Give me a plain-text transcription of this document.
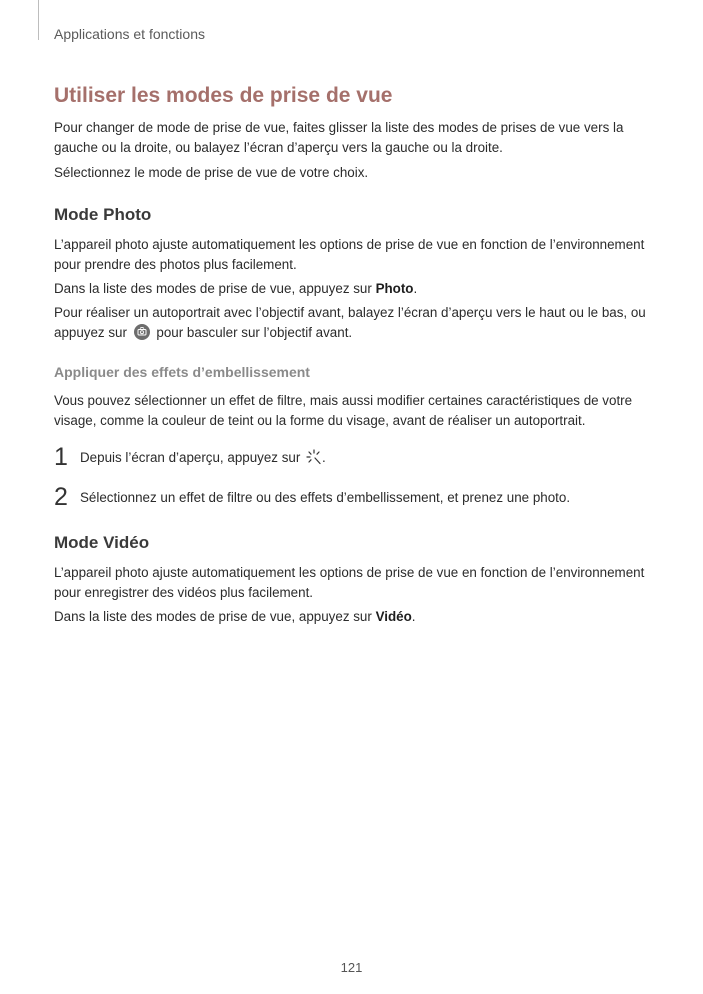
Applications et fonctions
Utiliser les modes de prise de vue

Pour changer de mode de prise de vue, faites glisser la liste des modes de prises de vue vers la gauche ou la droite, ou balayez l’écran d’aperçu vers la gauche ou la droite.

Sélectionnez le mode de prise de vue de votre choix.

Mode Photo

L’appareil photo ajuste automatiquement les options de prise de vue en fonction de l’environnement pour prendre des photos plus facilement.

Dans la liste des modes de prise de vue, appuyez sur Photo.

Pour réaliser un autoportrait avec l’objectif avant, balayez l’écran d’aperçu vers le haut ou le bas, ou appuyez sur
pour basculer sur l’objectif avant.

Appliquer des effets d’embellissement

Vous pouvez sélectionner un effet de filtre, mais aussi modifier certaines caractéristiques de votre visage, comme la couleur de teint ou la forme du visage, avant de réaliser un autoportrait.

1 Depuis l’écran d’aperçu, appuyez sur .
2 Sélectionnez un effet de filtre ou des effets d’embellissement, et prenez une photo.
Mode Vidéo

L’appareil photo ajuste automatiquement les options de prise de vue en fonction de l’environnement pour enregistrer des vidéos plus facilement.

Dans la liste des modes de prise de vue, appuyez sur Vidéo.

121
